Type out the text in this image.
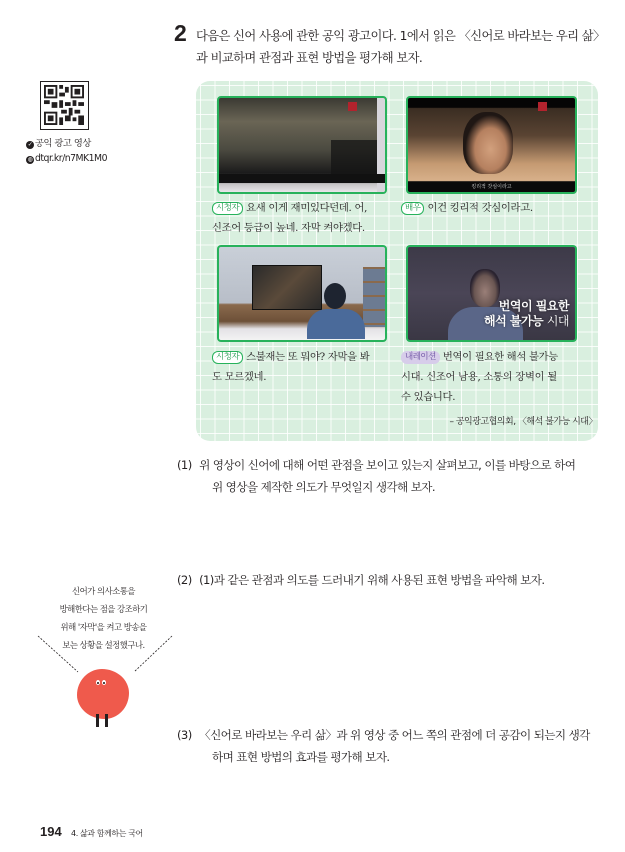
2 다음은 신어 사용에 관한 공익 광고이다. 1에서 읽은 〈신어로 바라보는 우리 삶〉
과 비교하며 관점과 표현 방법을 평가해 보자.
✓ 공익 광고 영상
◍ dtqr.kr/n7MK1M0
킹리적 갓심이라고
번역이 필요한
해석 불가능 시대
시청자 요새 이게 재미있다던데. 어,
신조어 등급이 높네. 자막 켜야겠다.
배우 이건 킹리적 갓심이라고.
시청자 스불재는 또 뭐야? 자막을 봐
도 모르겠네.
내레이션 번역이 필요한 해석 불가능
시대. 신조어 남용, 소통의 장벽이 될
수 있습니다.
– 공익광고협의회, 〈해석 불가능 시대〉
(1) 위 영상이 신어에 대해 어떤 관점을 보이고 있는지 살펴보고, 이를 바탕으로 하여
위 영상을 제작한 의도가 무엇일지 생각해 보자.
(2) (1)과 같은 관점과 의도를 드러내기 위해 사용된 표현 방법을 파악해 보자.
(3) 〈신어로 바라보는 우리 삶〉과 위 영상 중 어느 쪽의 관점에 더 공감이 되는지 생각
하며 표현 방법의 효과를 평가해 보자.
신어가 의사소통을
방해한다는 점을 강조하기
위해 '자막'을 켜고 방송을
보는 상황을 설정했구나.
194 4. 삶과 함께하는 국어
